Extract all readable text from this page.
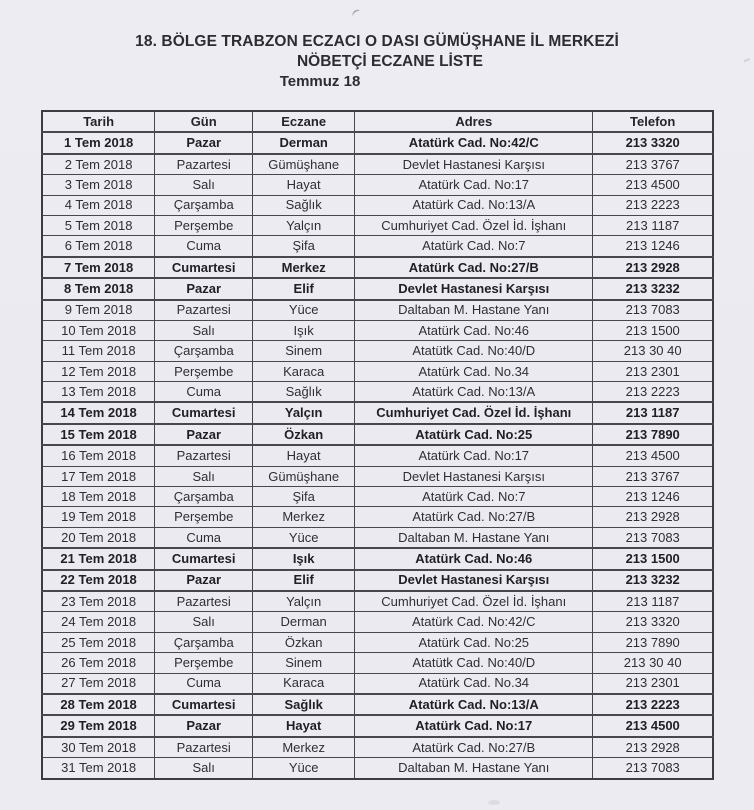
18. BÖLGE TRABZON ECZACI O DASI GÜMÜŞHANE İL MERKEZİ
NÖBETÇİ ECZANE LİSTE
Temmuz 18
Tarih	Gün	Eczane	Adres	Telefon
1 Tem 2018	Pazar	Derman	Atatürk Cad. No:42/C	213 3320
2 Tem 2018	Pazartesi	Gümüşhane	Devlet Hastanesi Karşısı	213 3767
3 Tem 2018	Salı	Hayat	Atatürk Cad. No:17	213 4500
4 Tem 2018	Çarşamba	Sağlık	Atatürk Cad. No:13/A	213 2223
5 Tem 2018	Perşembe	Yalçın	Cumhuriyet Cad. Özel İd. İşhanı	213 1187
6 Tem 2018	Cuma	Şifa	Atatürk Cad. No:7	213 1246
7 Tem 2018	Cumartesi	Merkez	Atatürk Cad. No:27/B	213 2928
8 Tem 2018	Pazar	Elif	Devlet Hastanesi Karşısı	213 3232
9 Tem 2018	Pazartesi	Yüce	Daltaban M. Hastane Yanı	213 7083
10 Tem 2018	Salı	Işık	Atatürk Cad. No:46	213 1500
11 Tem 2018	Çarşamba	Sinem	Atatütk Cad. No:40/D	213 30 40
12 Tem 2018	Perşembe	Karaca	Atatürk Cad. No.34	213 2301
13 Tem 2018	Cuma	Sağlık	Atatürk Cad. No:13/A	213 2223
14 Tem 2018	Cumartesi	Yalçın	Cumhuriyet Cad. Özel İd. İşhanı	213 1187
15 Tem 2018	Pazar	Özkan	Atatürk Cad. No:25	213 7890
16 Tem 2018	Pazartesi	Hayat	Atatürk Cad. No:17	213 4500
17 Tem 2018	Salı	Gümüşhane	Devlet Hastanesi Karşısı	213 3767
18 Tem 2018	Çarşamba	Şifa	Atatürk Cad. No:7	213 1246
19 Tem 2018	Perşembe	Merkez	Atatürk Cad. No:27/B	213 2928
20 Tem 2018	Cuma	Yüce	Daltaban M. Hastane Yanı	213 7083
21 Tem 2018	Cumartesi	Işık	Atatürk Cad. No:46	213 1500
22 Tem 2018	Pazar	Elif	Devlet Hastanesi Karşısı	213 3232
23 Tem 2018	Pazartesi	Yalçın	Cumhuriyet Cad. Özel İd. İşhanı	213 1187
24 Tem 2018	Salı	Derman	Atatürk Cad. No:42/C	213 3320
25 Tem 2018	Çarşamba	Özkan	Atatürk Cad. No:25	213 7890
26 Tem 2018	Perşembe	Sinem	Atatütk Cad. No:40/D	213 30 40
27 Tem 2018	Cuma	Karaca	Atatürk Cad. No.34	213 2301
28 Tem 2018	Cumartesi	Sağlık	Atatürk Cad. No:13/A	213 2223
29 Tem 2018	Pazar	Hayat	Atatürk Cad. No:17	213 4500
30 Tem 2018	Pazartesi	Merkez	Atatürk Cad. No:27/B	213 2928
31 Tem 2018	Salı	Yüce	Daltaban M. Hastane Yanı	213 7083
